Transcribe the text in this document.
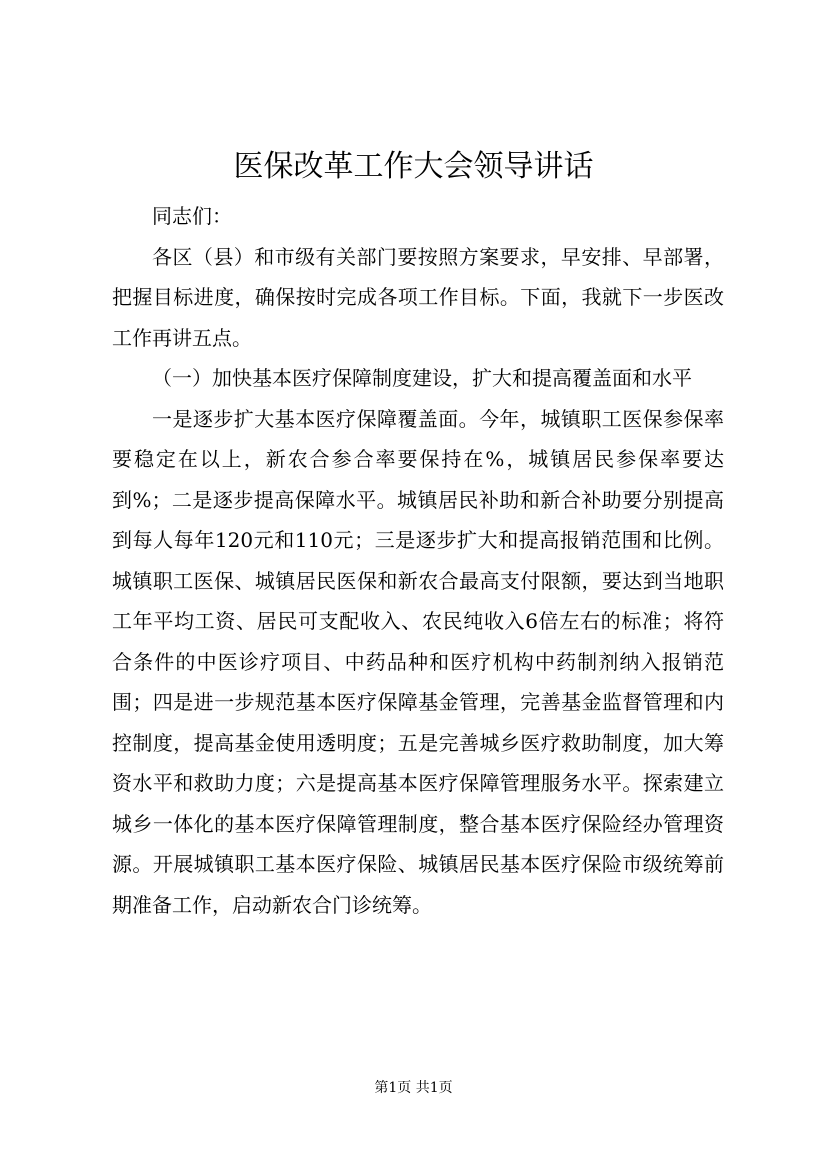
医保改革工作大会领导讲话

同志们：

各区（县）和市级有关部门要按照方案要求，早安排、早部署，把握目标进度，确保按时完成各项工作目标。下面，我就下一步医改工作再讲五点。

（一）加快基本医疗保障制度建设，扩大和提高覆盖面和水平

一是逐步扩大基本医疗保障覆盖面。今年，城镇职工医保参保率要稳定在以上，新农合参合率要保持在%，城镇居民参保率要达到%；二是逐步提高保障水平。城镇居民补助和新合补助要分别提高到每人每年120元和110元；三是逐步扩大和提高报销范围和比例。城镇职工医保、城镇居民医保和新农合最高支付限额，要达到当地职工年平均工资、居民可支配收入、农民纯收入6倍左右的标准；将符合条件的中医诊疗项目、中药品种和医疗机构中药制剂纳入报销范围；四是进一步规范基本医疗保障基金管理，完善基金监督管理和内控制度，提高基金使用透明度；五是完善城乡医疗救助制度，加大筹资水平和救助力度；六是提高基本医疗保障管理服务水平。探索建立城乡一体化的基本医疗保障管理制度，整合基本医疗保险经办管理资源。开展城镇职工基本医疗保险、城镇居民基本医疗保险市级统筹前期准备工作，启动新农合门诊统筹。

第1页 共1页
